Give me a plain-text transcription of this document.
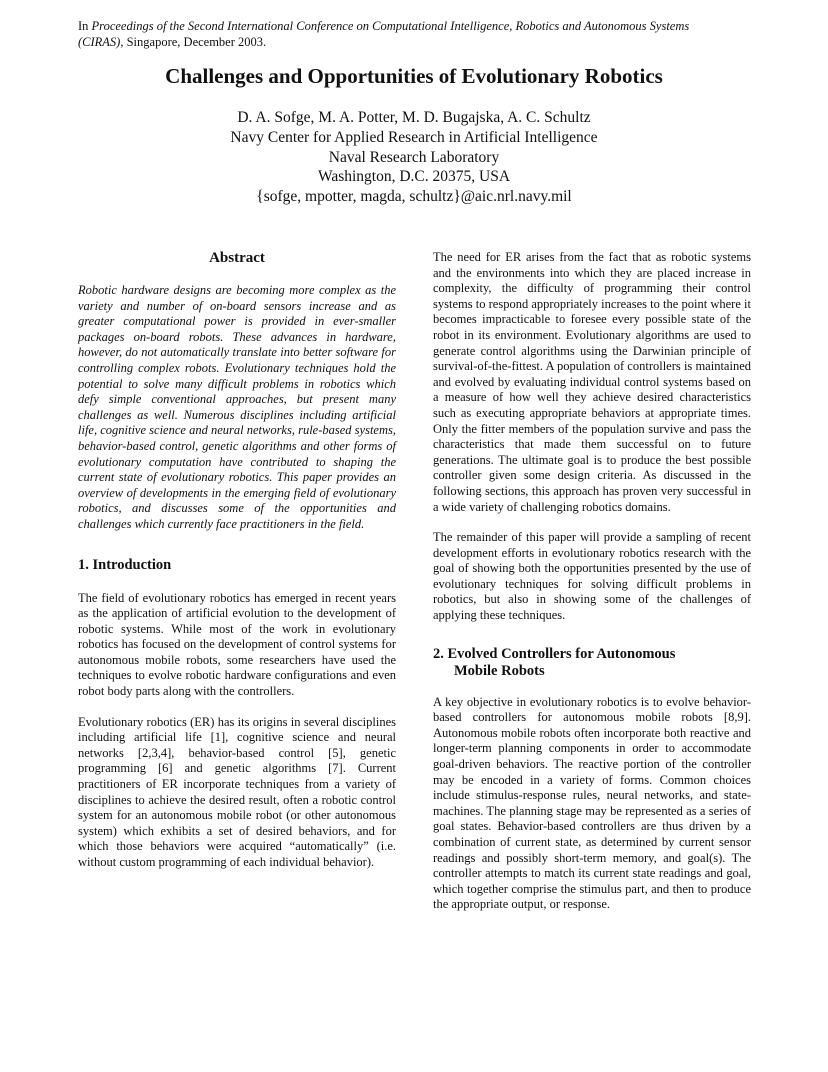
In Proceedings of the Second International Conference on Computational Intelligence, Robotics and Autonomous Systems
(CIRAS), Singapore, December 2003.
Challenges and Opportunities of Evolutionary Robotics
D. A. Sofge, M. A. Potter, M. D. Bugajska, A. C. Schultz
Navy Center for Applied Research in Artificial Intelligence
Naval Research Laboratory
Washington, D.C. 20375, USA
{sofge, mpotter, magda, schultz}@aic.nrl.navy.mil
Abstract

Robotic hardware designs are becoming more complex as the variety and number of on-board sensors increase and as greater computational power is provided in ever-smaller packages on-board robots. These advances in hardware, however, do not automatically translate into better software for controlling complex robots. Evolutionary techniques hold the potential to solve many difficult problems in robotics which defy simple conventional approaches, but present many challenges as well. Numerous disciplines including artificial life, cognitive science and neural networks, rule-based systems, behavior-based control, genetic algorithms and other forms of evolutionary computation have contributed to shaping the current state of evolutionary robotics. This paper provides an overview of developments in the emerging field of evolutionary robotics, and discusses some of the opportunities and challenges which currently face practitioners in the field.

1. Introduction

The field of evolutionary robotics has emerged in recent years as the application of artificial evolution to the development of robotic systems. While most of the work in evolutionary robotics has focused on the development of control systems for autonomous mobile robots, some researchers have used the techniques to evolve robotic hardware configurations and even robot body parts along with the controllers.

Evolutionary robotics (ER) has its origins in several disciplines including artificial life [1], cognitive science and neural networks [2,3,4], behavior-based control [5], genetic programming [6] and genetic algorithms [7]. Current practitioners of ER incorporate techniques from a variety of disciplines to achieve the desired result, often a robotic control system for an autonomous mobile robot (or other autonomous system) which exhibits a set of desired behaviors, and for which those behaviors were acquired “automatically” (i.e. without custom programming of each individual behavior).

The need for ER arises from the fact that as robotic systems and the environments into which they are placed increase in complexity, the difficulty of programming their control systems to respond appropriately increases to the point where it becomes impracticable to foresee every possible state of the robot in its environment. Evolutionary algorithms are used to generate control algorithms using the Darwinian principle of survival-of-the-fittest. A population of controllers is maintained and evolved by evaluating individual control systems based on a measure of how well they achieve desired characteristics such as executing appropriate behaviors at appropriate times. Only the fitter members of the population survive and pass the characteristics that made them successful on to future generations. The ultimate goal is to produce the best possible controller given some design criteria. As discussed in the following sections, this approach has proven very successful in a wide variety of challenging robotics domains.

The remainder of this paper will provide a sampling of recent development efforts in evolutionary robotics research with the goal of showing both the opportunities presented by the use of evolutionary techniques for solving difficult problems in robotics, but also in showing some of the challenges of applying these techniques.

2. Evolved Controllers for Autonomous
Mobile Robots

A key objective in evolutionary robotics is to evolve behavior-based controllers for autonomous mobile robots [8,9]. Autonomous mobile robots often incorporate both reactive and longer-term planning components in order to accommodate goal-driven behaviors. The reactive portion of the controller may be encoded in a variety of forms. Common choices include stimulus-response rules, neural networks, and state-machines. The planning stage may be represented as a series of goal states. Behavior-based controllers are thus driven by a combination of current state, as determined by current sensor readings and possibly short-term memory, and goal(s). The controller attempts to match its current state readings and goal, which together comprise the stimulus part, and then to produce the appropriate output, or response.
